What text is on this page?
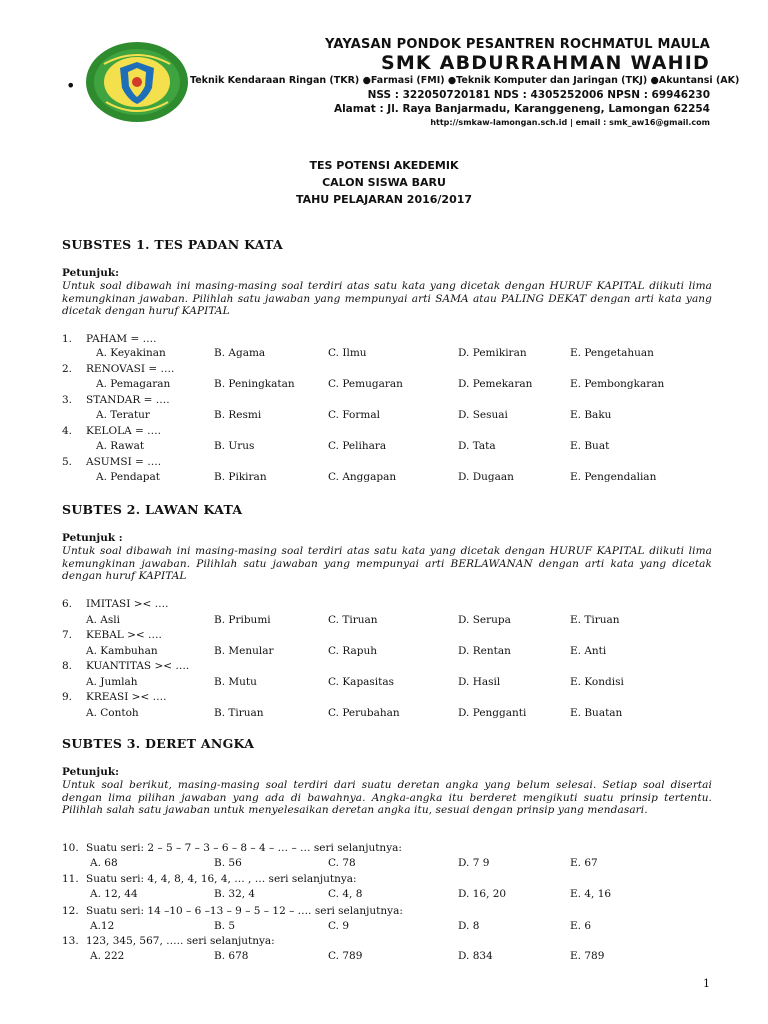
•
YAYASAN PONDOK PESANTREN ROCHMATUL MAULA
SMK ABDURRAHMAN WAHID
Teknik Kendaraan Ringan (TKR) ●Farmasi (FMI) ●Teknik Komputer dan Jaringan (TKJ) ●Akuntansi (AK)
NSS : 322050720181 NDS : 4305252006 NPSN : 69946230
Alamat : Jl. Raya Banjarmadu, Karanggeneng, Lamongan 62254
http://smkaw-lamongan.sch.id | email : smk_aw16@gmail.com
TES POTENSI AKEDEMIK
CALON SISWA BARU
TAHU PELAJARAN 2016/2017
SUBSTES 1. TES PADAN KATA
Petunjuk:
Untuk soal dibawah ini masing-masing soal terdiri atas satu kata yang dicetak dengan HURUF KAPITAL diikuti lima kemungkinan jawaban. Pilihlah satu jawaban yang mempunyai arti SAMA atau PALING DEKAT dengan arti kata yang dicetak dengan huruf KAPITAL
1. PAHAM = ….
A. Keyakinan	B. Agama	C. Ilmu	D. Pemikiran	E. Pengetahuan
2. RENOVASI = ….
A. Pemagaran	B. Peningkatan	C. Pemugaran	D. Pemekaran	E. Pembongkaran
3. STANDAR = ….
A. Teratur	B. Resmi	C. Formal	D. Sesuai	E. Baku
4. KELOLA = ….
A. Rawat	B. Urus	C. Pelihara	D. Tata	E. Buat
5. ASUMSI = ….
A. Pendapat	B. Pikiran	C. Anggapan	D. Dugaan	E. Pengendalian
SUBTES 2. LAWAN KATA
Petunjuk :
Untuk soal dibawah ini masing-masing soal terdiri atas satu kata yang dicetak dengan HURUF KAPITAL diikuti lima kemungkinan jawaban. Pilihlah satu jawaban yang mempunyai arti BERLAWANAN dengan arti kata yang dicetak dengan huruf KAPITAL
6. IMITASI >< ….
A. Asli	B. Pribumi	C. Tiruan	D. Serupa	E. Tiruan
7. KEBAL >< ….
A. Kambuhan	B. Menular	C. Rapuh	D. Rentan	E. Anti
8. KUANTITAS >< ….
A. Jumlah	B. Mutu	C. Kapasitas	D. Hasil	E. Kondisi
9. KREASI >< ….
A. Contoh	B. Tiruan	C. Perubahan	D. Pengganti	E. Buatan
SUBTES 3. DERET ANGKA
Petunjuk:
Untuk soal berikut, masing-masing soal terdiri dari suatu deretan angka yang belum selesai. Setiap soal disertai dengan lima pilihan jawaban yang ada di bawahnya. Angka-angka itu berderet mengikuti suatu prinsip tertentu. Pilihlah salah satu jawaban untuk menyelesaikan deretan angka itu, sesuai dengan prinsip yang mendasari.
10. Suatu seri: 2 – 5 – 7 – 3 – 6 – 8 – 4 – … – … seri selanjutnya:
A. 68	B. 56	C. 78	D. 7 9	E. 67
11. Suatu seri: 4, 4, 8, 4, 16, 4, … , … seri selanjutnya:
A. 12, 44	B. 32, 4	C. 4, 8	D. 16, 20	E. 4, 16
12. Suatu seri: 14 –10 – 6 –13 – 9 – 5 – 12 – …. seri selanjutnya:
A.12	B. 5	C. 9	D. 8	E. 6
13. 123, 345, 567, ….. seri selanjutnya:
A. 222	B. 678	C. 789	D. 834	E. 789
1
